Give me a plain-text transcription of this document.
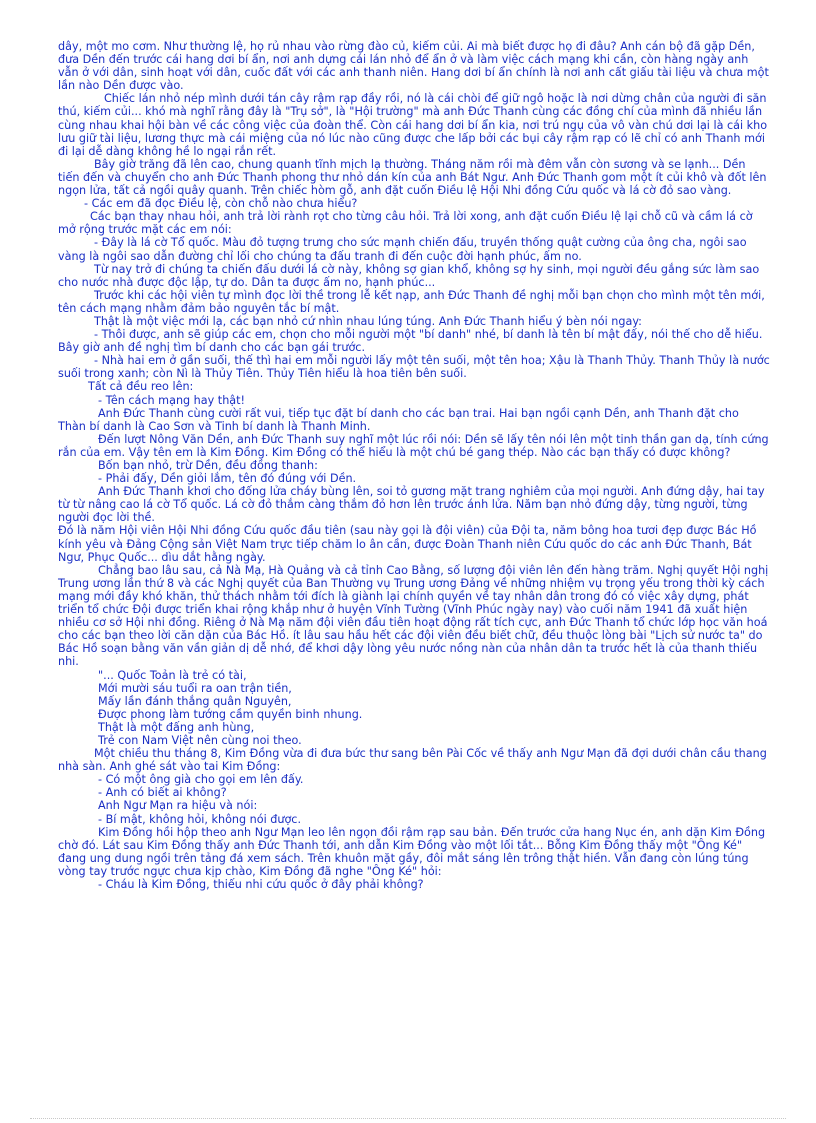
dây, một mo cơm. Như thường lệ, họ rủ nhau vào rừng đào củ, kiếm củi. Ai mà biết được họ đi đâu? Anh cán bộ đã gặp Dền, đưa Dền đến trước cái hang dơi bí ẩn, nơi anh dựng cái lán nhỏ để ẩn ở và làm việc cách mạng khi cần, còn hàng ngày anh vẫn ở với dân, sinh hoạt với dân, cuốc đất với các anh thanh niên. Hang dơi bí ẩn chính là nơi anh cất giấu tài liệu và chưa một lần nào Dền được vào.

Chiếc lán nhỏ nép mình dưới tán cây rậm rạp đầy rồi, nó là cái chòi để giữ ngô hoặc là nơi dừng chân của người đi săn thú, kiếm củi... khó mà nghĩ rằng đây là "Trụ sở", là "Hội trường" mà anh Đức Thanh cùng các đồng chí của mình đã nhiều lần cùng nhau khai hội bàn về các công việc của đoàn thể. Còn cái hang dơi bí ẩn kia, nơi trú ngụ của vô vàn chú dơi lại là cái kho lưu giữ tài liệu, lương thực mà cái miệng của nó lúc nào cũng được che lấp bởi các bụi cây rậm rạp có lẽ chỉ có anh Thanh mới đi lại dễ dàng không hề lo ngại rắn rết.

Bây giờ trăng đã lên cao, chung quanh tĩnh mịch lạ thường. Tháng năm rồi mà đêm vẫn còn sương và se lạnh... Dền tiến đến và chuyển cho anh Đức Thanh phong thư nhỏ dán kín của anh Bát Ngư. Anh Đức Thanh gom một ít củi khô và đốt lên ngọn lửa, tất cả ngồi quây quanh. Trên chiếc hòm gỗ, anh đặt cuốn Điều lệ Hội Nhi đồng Cứu quốc và lá cờ đỏ sao vàng.

- Các em đã đọc Điều lệ, còn chỗ nào chưa hiểu?

Các bạn thay nhau hỏi, anh trả lời rành rọt cho từng câu hỏi. Trả lời xong, anh đặt cuốn Điều lệ lại chỗ cũ và cầm lá cờ mở rộng trước mặt các em nói:

- Đây là lá cờ Tổ quốc. Màu đỏ tượng trưng cho sức mạnh chiến đấu, truyền thống quật cường của ông cha, ngôi sao vàng là ngôi sao dẫn đường chỉ lối cho chúng ta đấu tranh đi đến cuộc đời hạnh phúc, ấm no.

Từ nay trở đi chúng ta chiến đấu dưới lá cờ này, không sợ gian khổ, không sợ hy sinh, mọi người đều gắng sức làm sao cho nước nhà được độc lập, tự do. Dân ta được ấm no, hạnh phúc...

Trước khi các hội viên tự mình đọc lời thề trong lễ kết nạp, anh Đức Thanh đề nghị mỗi bạn chọn cho mình một tên mới, tên cách mạng nhằm đảm bảo nguyên tắc bí mật.

Thật là một việc mới lạ, các bạn nhỏ cứ nhìn nhau lúng túng. Anh Đức Thanh hiểu ý bèn nói ngay:

- Thôi được, anh sẽ giúp các em, chọn cho mỗi người một "bí danh" nhé, bí danh là tên bí mật đấy, nói thế cho dễ hiểu. Bây giờ anh đề nghị tìm bí danh cho các bạn gái trước.

- Nhà hai em ở gần suối, thế thì hai em mỗi người lấy một tên suối, một tên hoa; Xậu là Thanh Thủy. Thanh Thủy là nước suối trong xanh; còn Nì là Thủy Tiên. Thủy Tiên hiểu là hoa tiên bên suối.

Tất cả đều reo lên:

- Tên cách mạng hay thật!

Anh Đức Thanh cùng cười rất vui, tiếp tục đặt bí danh cho các bạn trai. Hai bạn ngồi cạnh Dền, anh Thanh đặt cho Thàn bí danh là Cao Sơn và Tinh bí danh là Thanh Minh.

Đến lượt Nông Văn Dền, anh Đức Thanh suy nghĩ một lúc rồi nói: Dền sẽ lấy tên nói lên một tinh thần gan dạ, tính cứng rắn của em. Vậy tên em là Kim Đồng. Kim Đồng có thể hiểu là một chú bé gang thép. Nào các bạn thấy có được không?

Bốn bạn nhỏ, trừ Dền, đều đồng thanh:

- Phải đấy, Dền giỏi lắm, tên đó đúng với Dền.

Anh Đức Thanh khơi cho đống lửa cháy bùng lên, soi tỏ gương mặt trang nghiêm của mọi người. Anh đứng dậy, hai tay từ từ nâng cao lá cờ Tổ quốc. Lá cờ đỏ thắm càng thắm đỏ hơn lên trước ánh lửa. Năm bạn nhỏ đứng dậy, từng người, từng người đọc lời thề.

Đó là năm Hội viên Hội Nhi đồng Cứu quốc đầu tiên (sau này gọi là đội viên) của Đội ta, năm bông hoa tươi đẹp được Bác Hồ kính yêu và Đảng Cộng sản Việt Nam trực tiếp chăm lo ân cần, được Đoàn Thanh niên Cứu quốc do các anh Đức Thanh, Bát Ngư, Phục Quốc... dìu dắt hằng ngày.

Chẳng bao lâu sau, cả Nà Mạ, Hà Quảng và cả tỉnh Cao Bằng, số lượng đội viên lên đến hàng trăm. Nghị quyết Hội nghị Trung ương lần thứ 8 và các Nghị quyết của Ban Thường vụ Trung ương Đảng về những nhiệm vụ trọng yếu trong thời kỳ cách mạng mới đầy khó khăn, thử thách nhằm tới đích là giành lại chính quyền về tay nhân dân trong đó có việc xây dựng, phát triển tổ chức Đội được triển khai rộng khắp như ở huyện Vĩnh Tường (Vĩnh Phúc ngày nay) vào cuối năm 1941 đã xuất hiện nhiều cơ sở Hội nhi đồng. Riêng ở Nà Mạ năm đội viên đầu tiên hoạt động rất tích cực, anh Đức Thanh tổ chức lớp học văn hoá cho các bạn theo lời căn dặn của Bác Hồ. ít lâu sau hầu hết các đội viên đều biết chữ, đều thuộc lòng bài "Lịch sử nước ta" do Bác Hồ soạn bằng văn vần giản dị dễ nhớ, để khơi dậy lòng yêu nước nồng nàn của nhân dân ta trước hết là của thanh thiếu nhi.

"... Quốc Toản là trẻ có tài,

Mới mười sáu tuổi ra oan trận tiền,

Mấy lần đánh thắng quân Nguyên,

Được phong làm tướng cầm quyền binh nhung.

Thật là một đấng anh hùng,

Trẻ con Nam Việt nên cùng noi theo.

Một chiều thu tháng 8, Kim Đồng vừa đi đưa bức thư sang bên Pài Cốc về thấy anh Ngư Mạn đã đợi dưới chân cầu thang nhà sàn. Anh ghé sát vào tai Kim Đồng:

- Có một ông già cho gọi em lên đấy.

- Anh có biết ai không?

Anh Ngư Mạn ra hiệu và nói:

- Bí mật, không hỏi, không nói được.

Kim Đồng hồi hộp theo anh Ngư Mạn leo lên ngọn đồi rậm rạp sau bản. Đến trước cửa hang Nục én, anh dặn Kim Đồng chờ đó. Lát sau Kim Đồng thấy anh Đức Thanh tới, anh dẫn Kim Đồng vào một lối tắt... Bỗng Kim Đồng thấy một "Ông Ké" đang ung dung ngồi trên tảng đá xem sách. Trên khuôn mặt gầy, đôi mắt sáng lên trông thật hiền. Vẫn đang còn lúng túng vòng tay trước ngực chưa kịp chào, Kim Đồng đã nghe "Ông Ké" hỏi:

- Cháu là Kim Đồng, thiếu nhi cứu quốc ở đây phải không?
